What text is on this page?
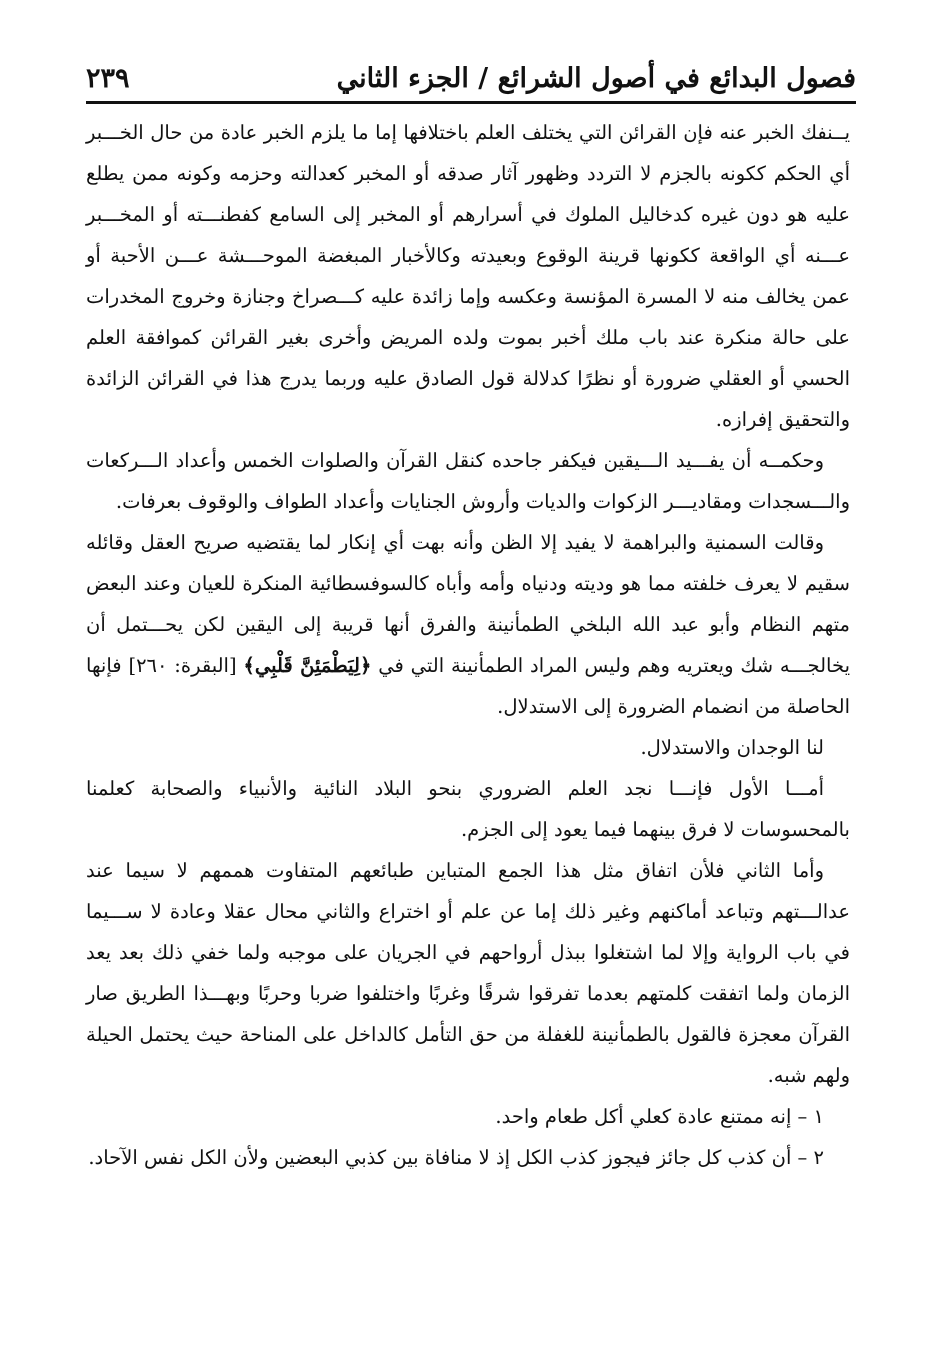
فصول البدائع في أصول الشرائع / الجزء الثاني
٢٣٩

يــنفك الخبر عنه فإن القرائن التي يختلف العلم باختلافها إما ما يلزم الخبر عادة من حال الخـــبر أي الحكم ككونه بالجزم لا التردد وظهور آثار صدقه أو المخبر كعدالته وحزمه وكونه ممن يطلع عليه هو دون غيره كدخاليل الملوك في أسرارهم أو المخبر إلى السامع كفطنـــته أو المخـــبر عـــنه أي الواقعة ككونها قرينة الوقوع وبعيدته وكالأخبار المبغضة الموحـــشة عـــن الأحبة أو عمن يخالف منه لا المسرة المؤنسة وعكسه وإما زائدة عليه كـــصراخ وجنازة وخروج المخدرات على حالة منكرة عند باب ملك أخبر بموت ولده المريض وأخرى بغير القرائن كموافقة العلم الحسي أو العقلي ضرورة أو نظرًا كدلالة قول الصادق عليه وربما يدرج هذا في القرائن الزائدة والتحقيق إفرازه.

وحكمــه أن يفـــيد الـــيقين فيكفر جاحده كنقل القرآن والصلوات الخمس وأعداد الـــركعات والـــسجدات ومقاديـــر الزكوات والديات وأروش الجنايات وأعداد الطواف والوقوف بعرفات.

وقالت السمنية والبراهمة لا يفيد إلا الظن وأنه بهت أي إنكار لما يقتضيه صريح العقل وقائله سقيم لا يعرف خلفته مما هو وديته ودنياه وأمه وأباه كالسوفسطائية المنكرة للعيان وعند البعض متهم النظام وأبو عبد الله البلخي الطمأنينة والفرق أنها قريبة إلى اليقين لكن يحـــتمل أن يخالجـــه شك ويعتريه وهم وليس المراد الطمأنينة التي في ﴿لِيَطْمَئِنَّ قَلْبِي﴾ [البقرة: ٢٦٠] فإنها الحاصلة من انضمام الضرورة إلى الاستدلال.

لنا الوجدان والاستدلال.

أمـــا الأول فإنـــا نجد العلم الضروري بنحو البلاد النائية والأنبياء والصحابة كعلمنا بالمحسوسات لا فرق بينهما فيما يعود إلى الجزم.

وأما الثاني فلأن اتفاق مثل هذا الجمع المتباين طبائعهم المتفاوت هممهم لا سيما عند عدالـــتهم وتباعد أماكنهم وغير ذلك إما عن علم أو اختراع والثاني محال عقلا وعادة لا ســـيما في باب الرواية وإلا لما اشتغلوا ببذل أرواحهم في الجريان على موجبه ولما خفي ذلك بعد يعد الزمان ولما اتفقت كلمتهم بعدما تفرقوا شرقًا وغربًا واختلفوا ضربا وحربًا وبهـــذا الطريق صار القرآن معجزة فالقول بالطمأنينة للغفلة من حق التأمل كالداخل على المناحة حيث يحتمل الحيلة ولهم شبه.

١ – إنه ممتنع عادة كعلي أكل طعام واحد.

٢ – أن كذب كل جائز فيجوز كذب الكل إذ لا منافاة بين كذبي البعضين ولأن الكل نفس الآحاد.
